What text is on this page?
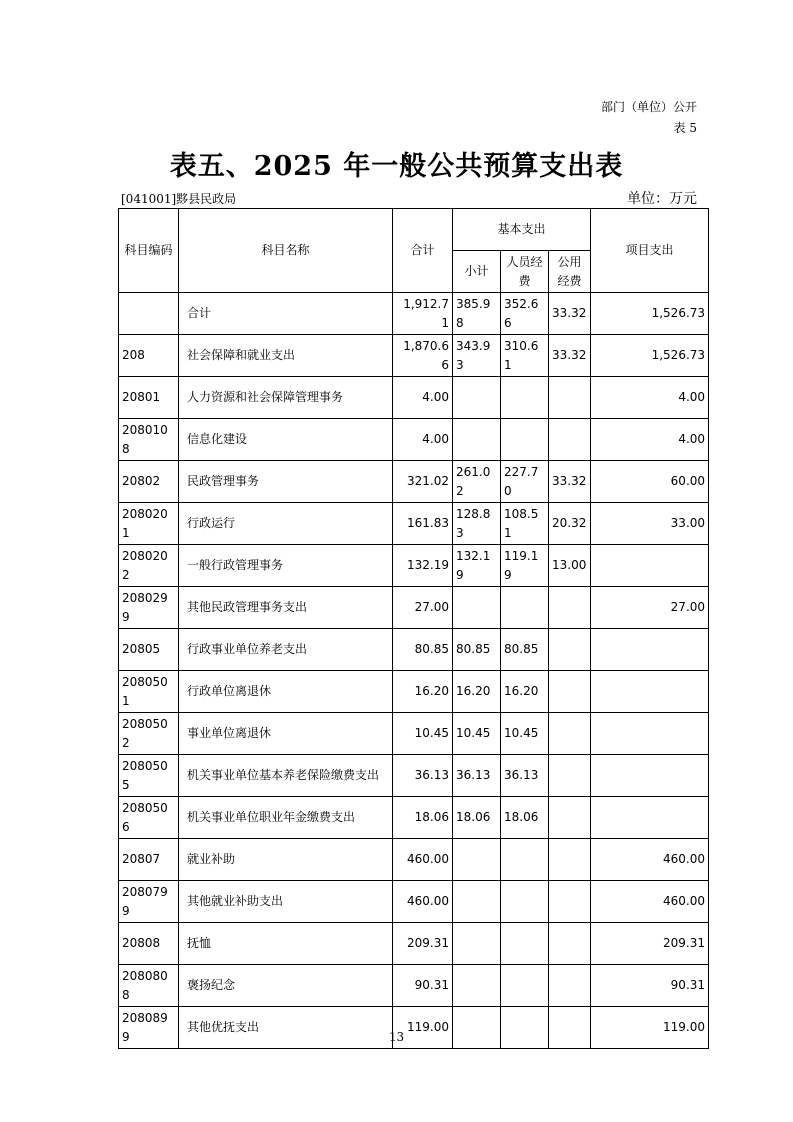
部门（单位）公开
表 5
表五、2025 年一般公共预算支出表
[041001]黟县民政局	单位：万元
科目编码	科目名称	合计	基本支出			项目支出
			小计	人员经费	公用经费	
	合计	1,912.71	385.98	352.66	33.32	1,526.73
208	社会保障和就业支出	1,870.66	343.93	310.61	33.32	1,526.73
20801	人力资源和社会保障管理事务	4.00				4.00
2080108	信息化建设	4.00				4.00
20802	民政管理事务	321.02	261.02	227.70	33.32	60.00
2080201	行政运行	161.83	128.83	108.51	20.32	33.00
2080202	一般行政管理事务	132.19	132.19	119.19	13.00	
2080299	其他民政管理事务支出	27.00				27.00
20805	行政事业单位养老支出	80.85	80.85	80.85		
2080501	行政单位离退休	16.20	16.20	16.20		
2080502	事业单位离退休	10.45	10.45	10.45		
2080505	机关事业单位基本养老保险缴费支出	36.13	36.13	36.13		
2080506	机关事业单位职业年金缴费支出	18.06	18.06	18.06		
20807	就业补助	460.00				460.00
2080799	其他就业补助支出	460.00				460.00
20808	抚恤	209.31				209.31
2080808	褒扬纪念	90.31				90.31
2080899	其他优抚支出	119.00				119.00
13
